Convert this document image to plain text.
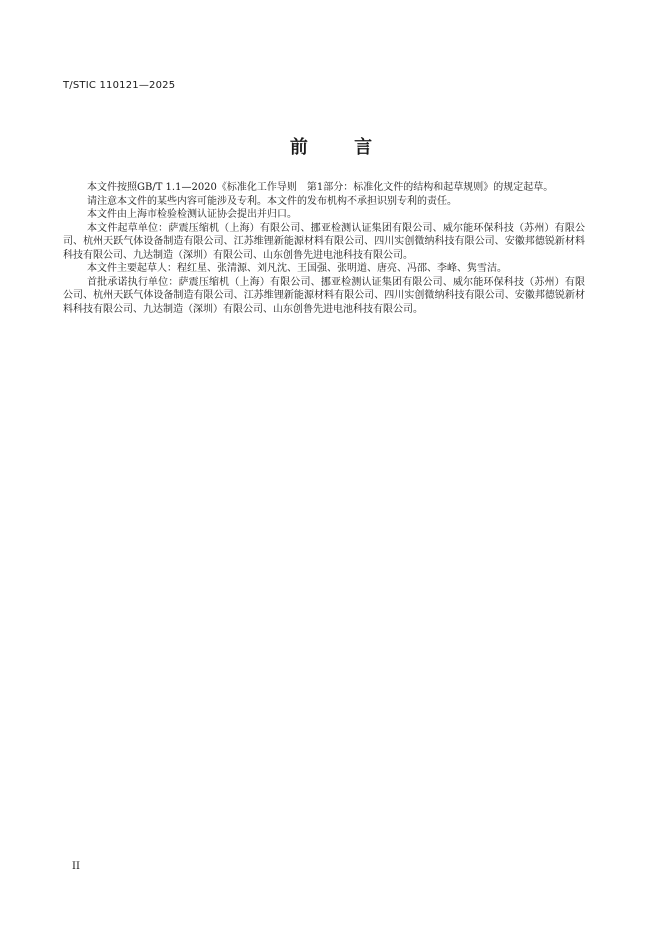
T/STIC 110121—2025
前 言

本文件按照GB/T 1.1—2020《标准化工作导则　第1部分：标准化文件的结构和起草规则》的规定起草。

请注意本文件的某些内容可能涉及专利。本文件的发布机构不承担识别专利的责任。

本文件由上海市检验检测认证协会提出并归口。

本文件起草单位：萨震压缩机（上海）有限公司、挪亚检测认证集团有限公司、威尔能环保科技（苏州）有限公司、杭州天跃气体设备制造有限公司、江苏维锂新能源材料有限公司、四川实创微纳科技有限公司、安徽邦德锐新材料科技有限公司、九达制造（深圳）有限公司、山东创鲁先进电池科技有限公司。

本文件主要起草人：程红星、张清源、刘凡沈、王国强、张明道、唐亮、冯邵、李峰、隽雪洁。

首批承诺执行单位：萨震压缩机（上海）有限公司、挪亚检测认证集团有限公司、威尔能环保科技（苏州）有限公司、杭州天跃气体设备制造有限公司、江苏维锂新能源材料有限公司、四川实创微纳科技有限公司、安徽邦德锐新材料科技有限公司、九达制造（深圳）有限公司、山东创鲁先进电池科技有限公司。

II
